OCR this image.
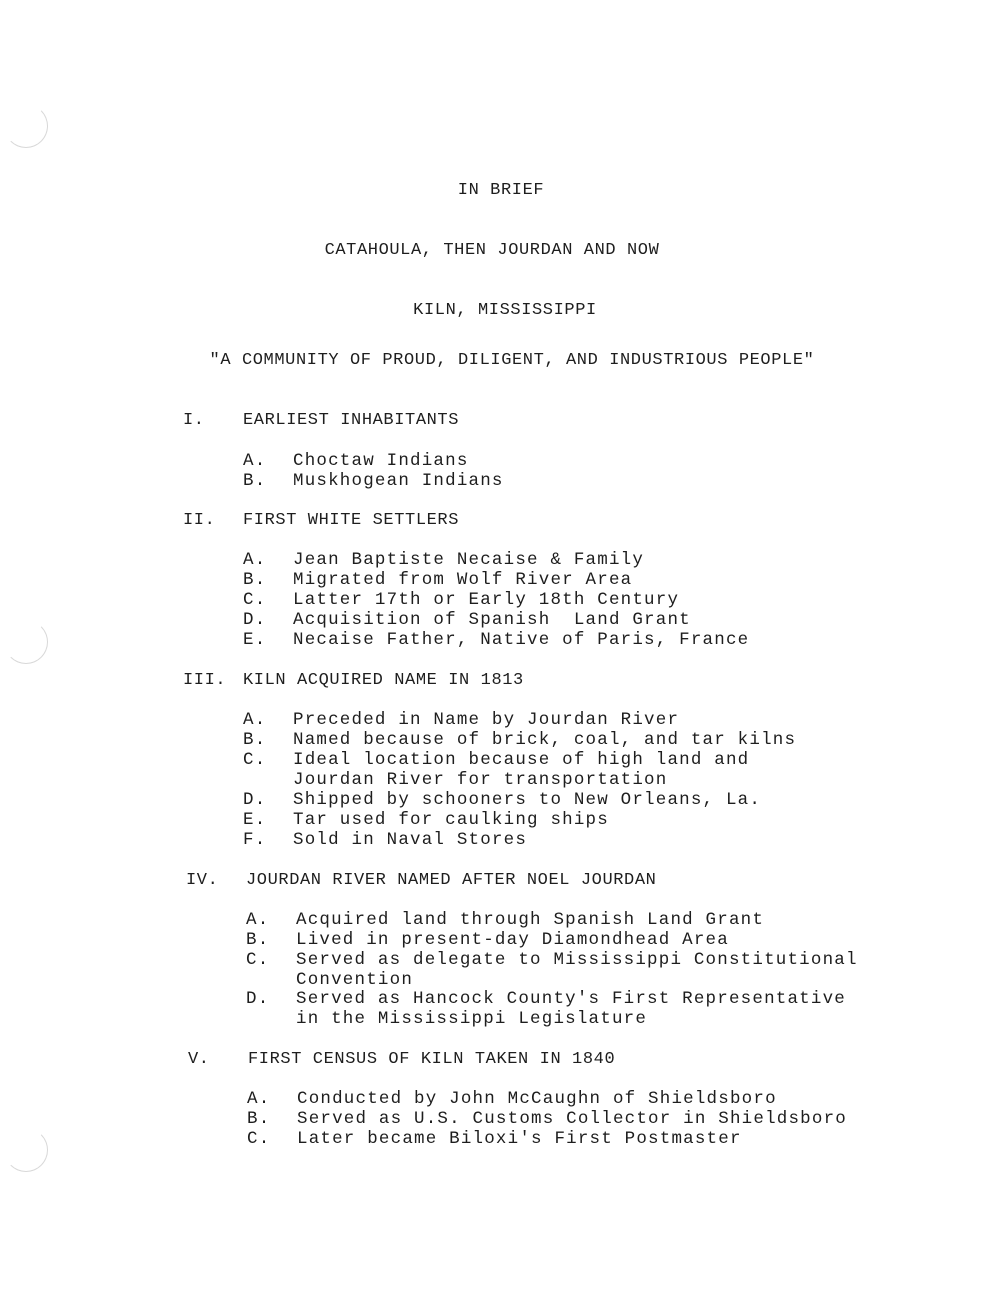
IN BRIEF
CATAHOULA, THEN JOURDAN AND NOW
KILN, MISSISSIPPI
"A COMMUNITY OF PROUD, DILIGENT, AND INDUSTRIOUS PEOPLE"

I.

EARLIEST INHABITANTS

A.

Choctaw Indians

B.

Muskhogean Indians

II.

FIRST WHITE SETTLERS

A.

Jean Baptiste Necaise & Family

B.

Migrated from Wolf River Area

C.

Latter 17th or Early 18th Century

D.

Acquisition of Spanish  Land Grant

E.

Necaise Father, Native of Paris, France

III.

KILN ACQUIRED NAME IN 1813

A.

Preceded in Name by Jourdan River

B.

Named because of brick, coal, and tar kilns

C.

Ideal location because of high land and

Jourdan River for transportation

D.

Shipped by schooners to New Orleans, La.

E.

Tar used for caulking ships

F.

Sold in Naval Stores

IV.

JOURDAN RIVER NAMED AFTER NOEL JOURDAN

A.

Acquired land through Spanish Land Grant

B.

Lived in present-day Diamondhead Area

C.

Served as delegate to Mississippi Constitutional

Convention

D.

Served as Hancock County's First Representative

in the Mississippi Legislature

V.

FIRST CENSUS OF KILN TAKEN IN 1840

A.

Conducted by John McCaughn of Shieldsboro

B.

Served as U.S. Customs Collector in Shieldsboro

C.

Later became Biloxi's First Postmaster
